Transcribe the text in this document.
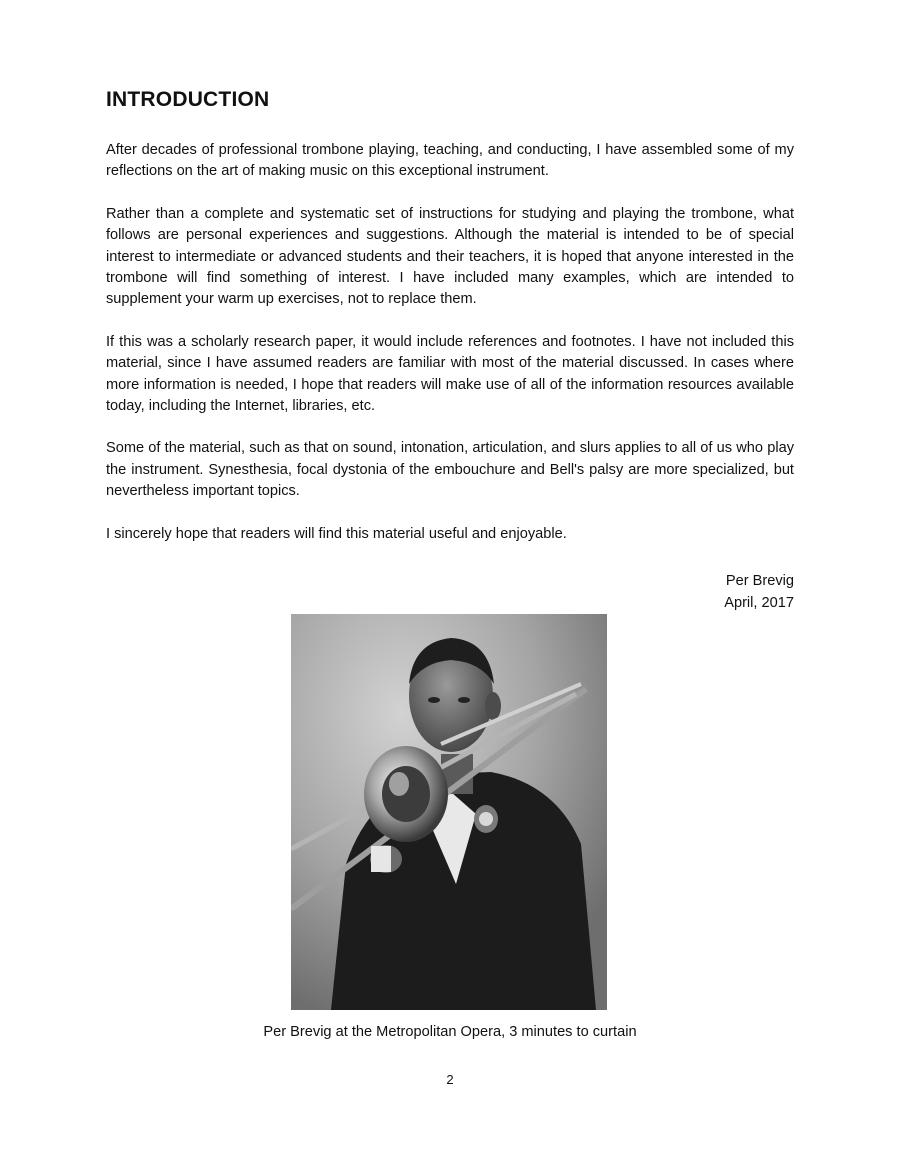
INTRODUCTION

After decades of professional trombone playing, teaching, and conducting, I have assembled some of my reflections on the art of making music on this exceptional instrument.

Rather than a complete and systematic set of instructions for studying and playing the trombone, what follows are personal experiences and suggestions. Although the material is intended to be of special interest to intermediate or advanced students and their teachers, it is hoped that anyone interested in the trombone will find something of interest. I have included many examples, which are intended to supplement your warm up exercises, not to replace them.

If this was a scholarly research paper, it would include references and footnotes. I have not included this material, since I have assumed readers are familiar with most of the material discussed. In cases where more information is needed, I hope that readers will make use of all of the information resources available today, including the Internet, libraries, etc.

Some of the material, such as that on sound, intonation, articulation, and slurs applies to all of us who play the instrument. Synesthesia, focal dystonia of the embouchure and Bell's palsy are more specialized, but nevertheless important topics.

I sincerely hope that readers will find this material useful and enjoyable.

Per Brevig
April, 2017
Per Brevig at the Metropolitan Opera, 3 minutes to curtain
2
